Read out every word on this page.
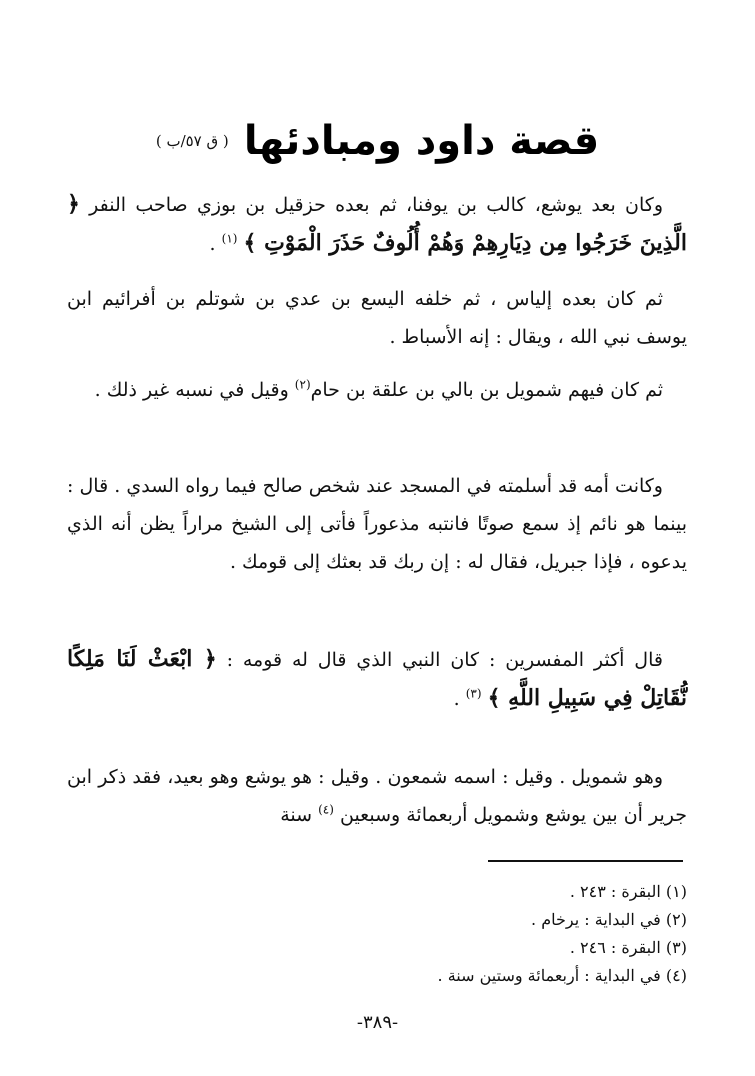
قصة داود ومبادئها ( ق ٥٧/ب )

وكان بعد يوشع، كالب بن يوفنا، ثم بعده حزقيل بن بوزي صاحب النفر ﴿ الَّذِينَ خَرَجُوا مِن دِيَارِهِمْ وَهُمْ أُلُوفٌ حَذَرَ الْمَوْتِ ﴾ $^{(١)}$ .

ثم كان بعده إلياس ، ثم خلفه اليسع بن عدي بن شوتلم بن أفرائيم ابن يوسف نبي الله ، ويقال : إنه الأسباط .

ثم كان فيهم شمويل بن بالي بن علقة بن حام$^{(٢)}$ وقيل في نسبه غير ذلك .

وكانت أمه قد أسلمته في المسجد عند شخص صالح فيما رواه السدي . قال : بينما هو نائم إذ سمع صوتًا فانتبه مذعوراً فأتى إلى الشيخ مراراً يظن أنه الذي يدعوه ، فإذا جبريل، فقال له : إن ربك قد بعثك إلى قومك .

قال أكثر المفسرين : كان النبي الذي قال له قومه : ﴿ ابْعَثْ لَنَا مَلِكًا نُّقَاتِلْ فِي سَبِيلِ اللَّهِ ﴾ $^{(٣)}$ .

وهو شمويل . وقيل : اسمه شمعون . وقيل : هو يوشع وهو بعيد، فقد ذكر ابن جرير أن بين يوشع وشمويل أربعمائة وسبعين $^{(٤)}$ سنة

(١) البقرة : ٢٤٣ .
(٢) في البداية : يرخام .
(٣) البقرة : ٢٤٦ .
(٤) في البداية : أربعمائة وستين سنة .
-٣٨٩-
